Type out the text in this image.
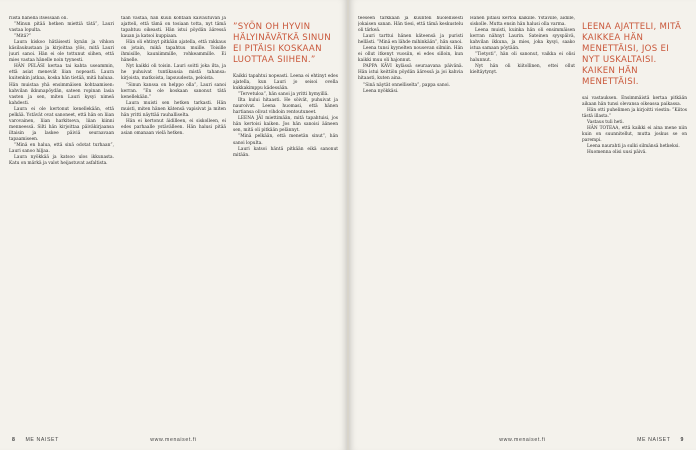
riistä hänellä itsessään oli.

”Minun pitää hetken miettiä tätä”, Lauri vastaa lopulta.

”Mitä?”

Laura kiskoo hätäisesti kynän ja vihkon käsilaukustaan ja kirjoittaa ylös, mitä Lauri juuri sanoi. Hän ei ole tottunut siihen, että mies vastaa hänelle noin tyynesti.

HÄN PELÄSI kertaa tai kahta useammin, että asiat menevät liian nopeasti. Laura kuitenkin jatkaa, koska hän tietää, mitä haluaa. Hän muistaa yhä ensimmäisen kohtaamisen: kahvilan ikkunapöydän, sateen ropinan lasia vasten ja sen, miten Lauri kysyi nimeä kahdesti.

Laura ei ole kertonut kenellekään, että pelkää. Ystävät ovat sanoneet, että hän on liian varovainen, liian harkitseva, liian kiinni menneessä. Silti hän kirjoittaa päiväkirjaansa iltaisin ja laskee päiviä seuraavaan tapaamiseen.

”Minä en halua, että sinä odotat turhaan”, Lauri sanoo hiljaa.

Laura nyökkää ja katsoo ulos ikkunasta. Katu on märkä ja valot heijastuvat asfaltista.

taan vastaa, hän kuuli kohtaan kaivautuvan ja ajatteli, että tämä on tosiaan totta, nyt tämä tapahtuu oikeasti. Hän istui pöydän ääressä kauan ja katsoi kuppiaan.

Hän oli ehtinyt pitkään ajatella, että rakkaus on jotain, mikä tapahtuu muille. Toisille ihmisille, kauniimmille, rohkeammille. Ei hänelle.

Nyt kaikki oli toisin. Lauri soitti joka ilta, ja he puhuivat tuntikausia mistä tahansa: kirjoista, matkoista, lapsuudesta, peloista.

”Sinun kanssa on helppo olla”, Lauri sanoi kerran. ”En ole koskaan sanonut tätä kenellekään.”

Laura muisti sen hetken tarkasti. Hän muisti, miten hänen kätensä vapisivat ja miten hän yritti näyttää rauhalliselta.

Hän ei kertonut äidilleen, ei siskolleen, ei edes parhaalle ystävälleen. Hän halusi pitää asian omanaan vielä hetken.

”SYÖN OH HYVIN HÄLYINÄVÄTKÄ SINUN EI PITÄISI KOSKAAN LUOTTAA SIIHEN.”

Kaikki tapahtui nopeasti. Leena ei ehtinyt edes ajatella, kun Lauri jo seisoi ovella kukkakimppu kädessään.

”Tervetuloa”, hän sanoi ja yritti hymyillä.

Ilta kului hitaasti. He söivät, puhuivat ja nauroivat. Leena huomasi, että hänen hartiansa olivat vihdoin rentoutuneet.

LEENA JÄI miettimään, mitä tapahtuisi, jos hän kertoisi kaiken. Jos hän sanoisi ääneen sen, mitä oli pitkään pelännyt.

”Minä pelkään, että menetän sinut”, hän sanoi lopulta.

Lauri katsoi häntä pitkään eikä sanonut mitään.

8 ME NAISET	www.menaiset.fi

teeseen tarkkaan ja kuunteli huolellisesti jokaisen sanan. Hän tiesi, että tämä keskustelu oli tärkeä.

Lauri tarttui hänen käteensä ja puristi hellästi. ”Minä en lähde mihinkään”, hän sanoi.

Leena tunsi kyynelten nousevan silmiin. Hän ei ollut itkenyt vuosiin, ei edes silloin, kun kaikki muu oli hajonnut.

PAPPA KÄVI kylässä seuraavana päivänä. Hän istui keittiön pöydän ääressä ja joi kahvia hitaasti, kuten aina.

”Sinä näytät onnelliselta”, pappa sanoi.

Leena nyökkäsi.

Hänen pitäisi kertoa kaikille. Ystäville, äidille, siskolle. Mutta ensin hän halusi olla varma.

Leena muisti, kuinka hän oli ensimmäisen kerran nähnyt Laurin. Sateinen syyspäivä, kahvilan ikkuna, ja mies, joka kysyi, saako istua samaan pöytään.

”Tietysti”, hän oli sanonut, vaikka ei olisi halunnut.

Nyt hän oli kiitollinen, ettei ollut kieltäytynyt.

LEENA AJATTELI, MITÄ KAIKKEA HÄN MENETTÄISI, JOS EI NYT USKALTAISI. KAIKEN HÄN MENETTÄISI.

sai vastauksen. Ensimmäistä kertaa pitkään aikaan hän tunsi olevansa oikeassa paikassa.

Hän otti puhelimen ja kirjoitti viestin: ”Kiitos tästä illasta.”

Vastaus tuli heti.

HÄN TOTEAA, että kaikki ei aina mene niin kuin on suunnitellut, mutta joskus se on parempi.

Leena naurahti ja sulki silmänsä hetkeksi.

Huomenna olisi uusi päivä.

www.menaiset.fi	ME NAISET 9
